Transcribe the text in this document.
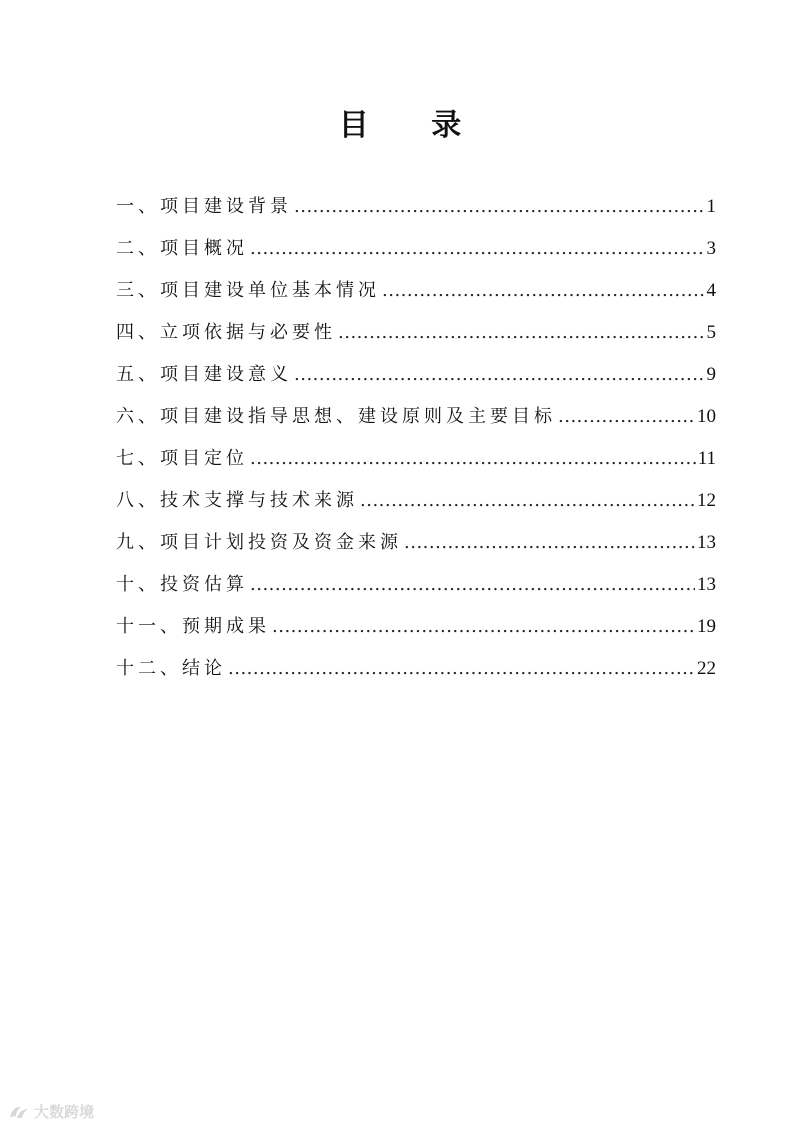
目 录
一、项目建设背景 .....	1
二、项目概况 .....	3
三、项目建设单位基本情况 .....	4
四、立项依据与必要性 .....	5
五、项目建设意义 .....	9
六、项目建设指导思想、建设原则及主要目标 .....	10
七、项目定位 .....	11
八、技术支撑与技术来源 .....	12
九、项目计划投资及资金来源 .....	13
十、投资估算 .....	13
十一、预期成果 .....	19
十二、结论 .....	22
大数跨境
